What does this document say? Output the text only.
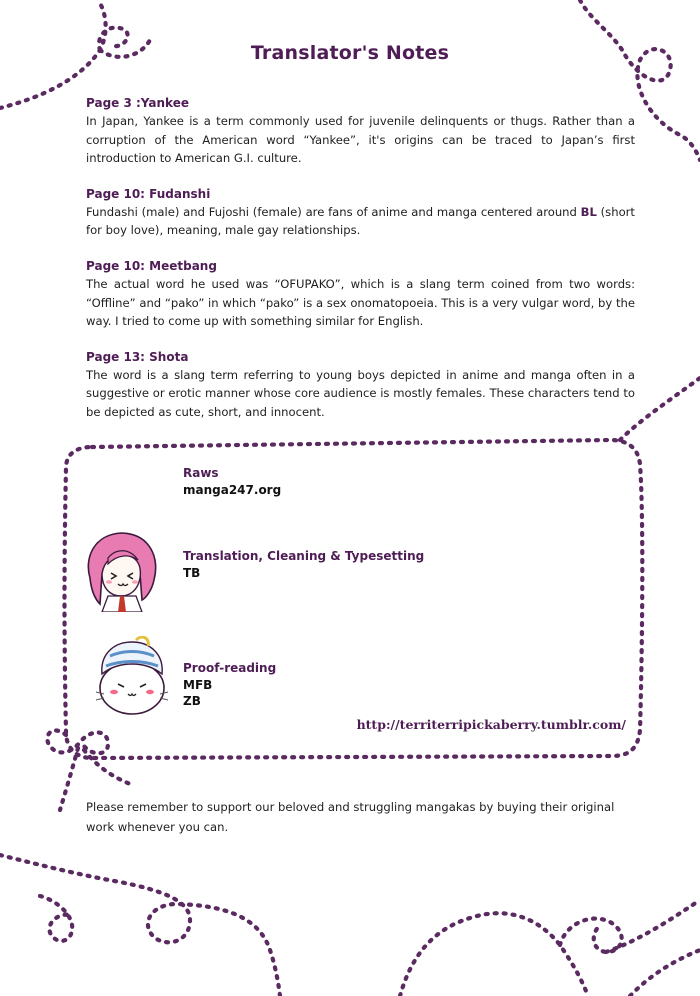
Translator's Notes
Page 3 :Yankee
In Japan, Yankee is a term commonly used for juvenile delinquents or thugs. Rather than a corruption of the American word “Yankee”, it's origins can be traced to Japan’s first introduction to American G.I. culture.
Page 10: Fudanshi
Fundashi (male) and Fujoshi (female) are fans of anime and manga centered around BL (short for boy love), meaning, male gay relationships.
Page 10: Meetbang
The actual word he used was “OFUPAKO”, which is a slang term coined from two words: “Offline” and “pako” in which “pako” is a sex onomatopoeia. This is a very vulgar word, by the way. I tried to come up with something similar for English.
Page 13: Shota
The word is a slang term referring to young boys depicted in anime and manga often in a suggestive or erotic manner whose core audience is mostly females. These characters tend to be depicted as cute, short, and innocent.
Raws
manga247.org
Translation, Cleaning & Typesetting
TB
Proof-reading
MFB
ZB
http://territerripickaberry.tumblr.com/
Please remember to support our beloved and struggling mangakas by buying their original work whenever you can.
